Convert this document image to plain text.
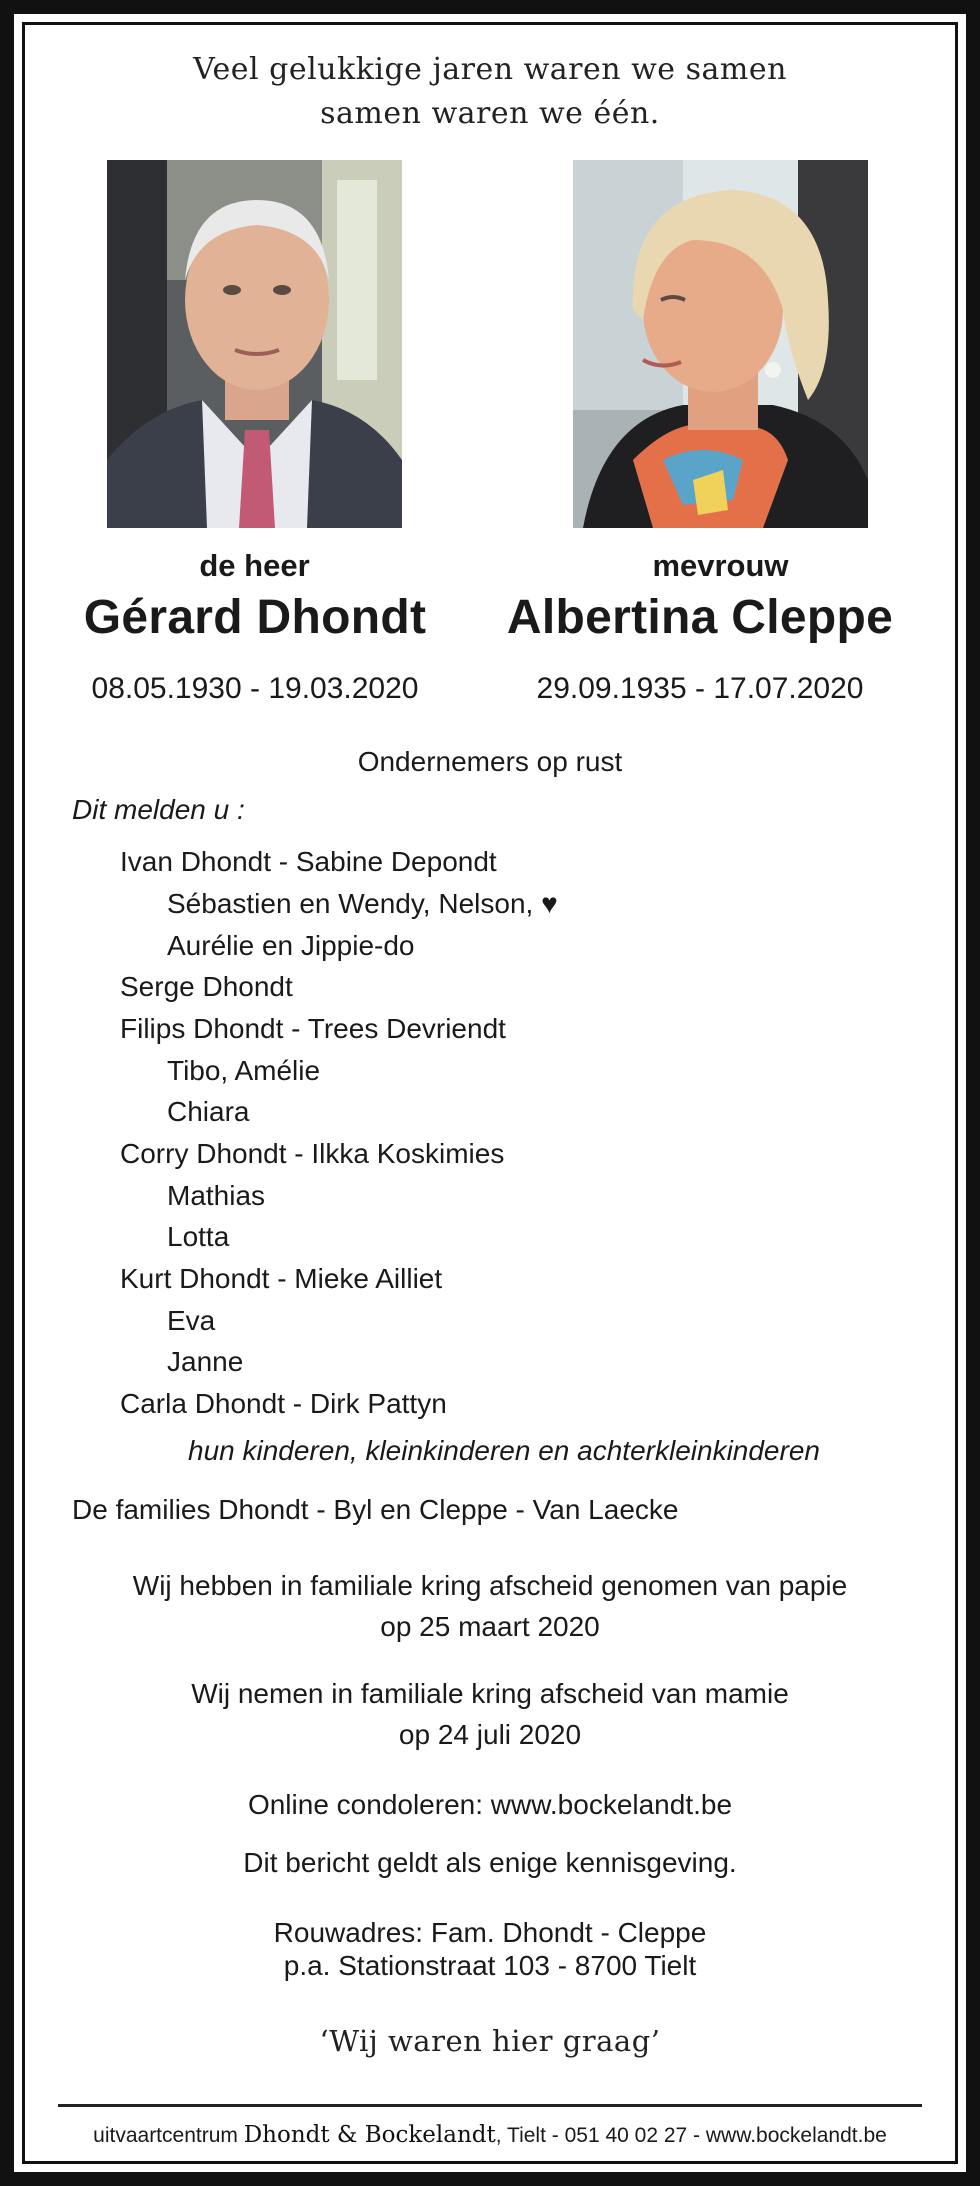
Veel gelukkige jaren waren we samen
samen waren we één.
de heer	mevrouw
Gérard Dhondt	Albertina Cleppe
08.05.1930 - 19.03.2020	29.09.1935 - 17.07.2020
Ondernemers op rust
Dit melden u :
Ivan Dhondt - Sabine Depondt
Sébastien en Wendy, Nelson, ♥
Aurélie en Jippie-do
Serge Dhondt
Filips Dhondt - Trees Devriendt
Tibo, Amélie
Chiara
Corry Dhondt - Ilkka Koskimies
Mathias
Lotta
Kurt Dhondt - Mieke Ailliet
Eva
Janne
Carla Dhondt - Dirk Pattyn
hun kinderen, kleinkinderen en achterkleinkinderen
De families Dhondt - Byl en Cleppe - Van Laecke
Wij hebben in familiale kring afscheid genomen van papie
op 25 maart 2020
Wij nemen in familiale kring afscheid van mamie
op 24 juli 2020
Online condoleren: www.bockelandt.be
Dit bericht geldt als enige kennisgeving.
Rouwadres: Fam. Dhondt - Cleppe
p.a. Stationstraat 103 - 8700 Tielt
‘Wij waren hier graag’
uitvaartcentrum Dhondt & Bockelandt, Tielt - 051 40 02 27 - www.bockelandt.be
